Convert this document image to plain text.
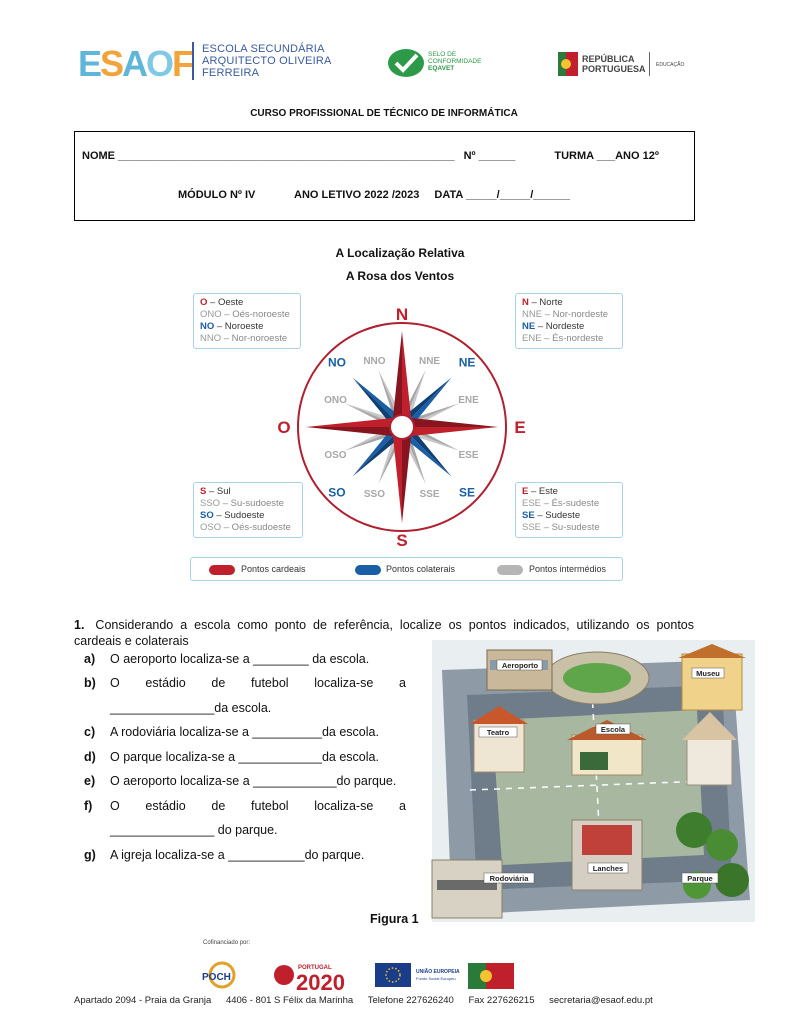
ESAOF ESCOLA SECUNDÁRIA
ARQUITECTO OLIVEIRA
FERREIRA
SELO DE
CONFORMIDADE
EQAVET
REPÚBLICA
PORTUGUESA EDUCAÇÃO
CURSO PROFISSIONAL DE TÉCNICO DE INFORMÁTICA
NOME _______________________________________________________ Nº ______	TURMA ___ANO 12º
MÓDULO Nº IV	ANO LETIVO 2022 /2023 DATA _____/_____/______
A Localização Relativa
A Rosa dos Ventos
N
S
E
O
NO	NE
SO	SE
NNO	NNE
ONO	ENE
OSO	ESE
SSO	SSE
O – Oeste
ONO – Oés-noroeste
NO – Noroeste
NNO – Nor-noroeste
N – Norte
NNE – Nor-nordeste
NE – Nordeste
ENE – És-nordeste
S – Sul
SSO – Su-sudoeste
SO – Sudoeste
OSO – Oés-sudoeste
E – Este
ESE – És-sudeste
SE – Sudeste
SSE – Su-sudeste
Pontos cardeais	Pontos colaterais	Pontos intermédios
1. Considerando a escola como ponto de referência, localize os pontos indicados, utilizando os pontos cardeais e colaterais
a) O aeroporto localiza-se a ________ da escola.
b) O estádio de futebol localiza-se a
_______________da escola.
c) A rodoviária localiza-se a __________da escola.
d) O parque localiza-se a ____________da escola.
e) O aeroporto localiza-se a ____________do parque.
f) O estádio de futebol localiza-se a
_______________ do parque.
g) A igreja localiza-se a ___________do parque.
Aeroporto
Museu
Teatro	Escola
Rodoviária
Lanches
Parque
Figura 1
Cofinanciado por:
POCH
PORTUGAL
2020	UNIÃO EUROPEIA
Fundo Social Europeu
Apartado 2094 - Praia da Granja 4406 - 801 S Félix da Marinha Telefone 227626240 Fax 227626215 secretaria@esaof.edu.pt
